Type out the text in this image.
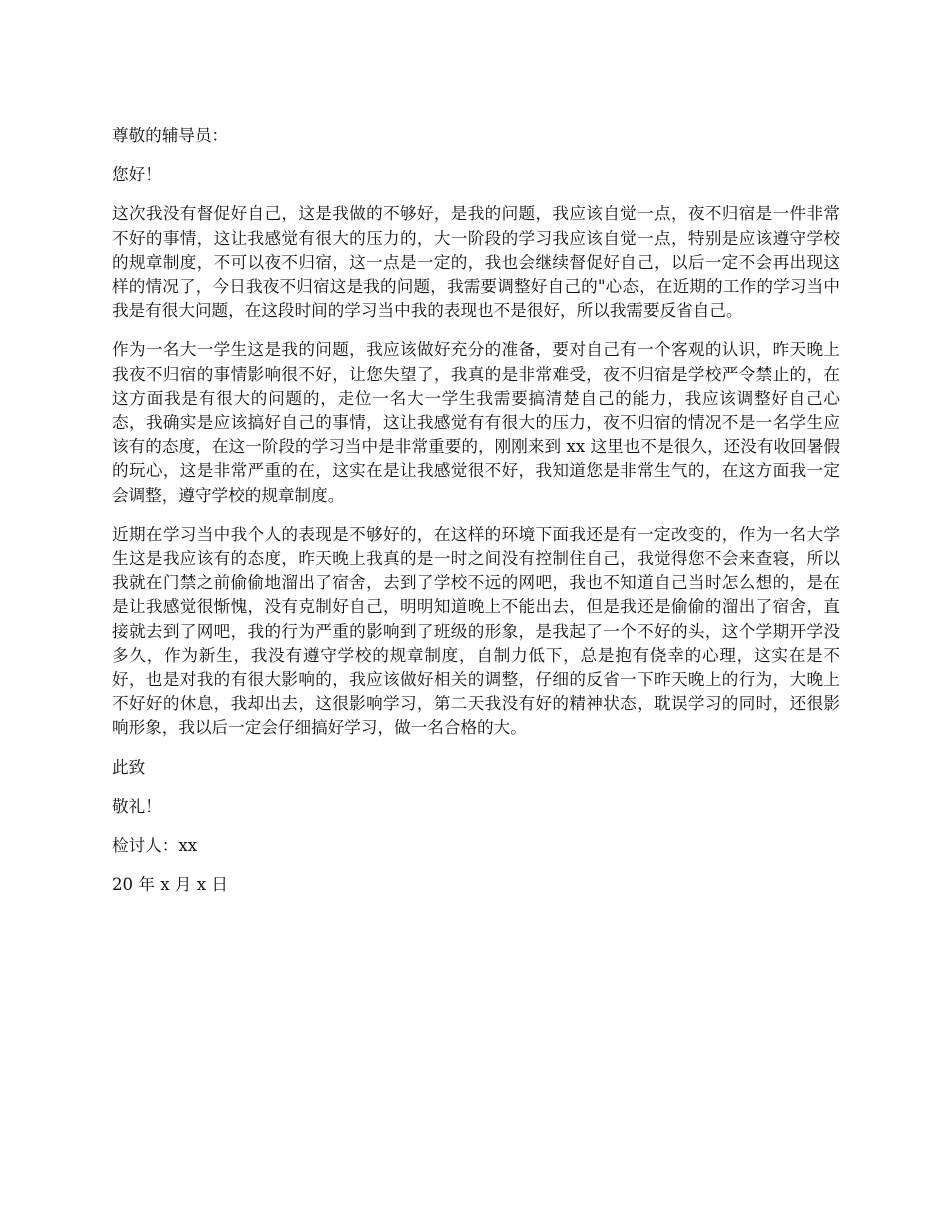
尊敬的辅导员：

您好！

这次我没有督促好自己，这是我做的不够好，是我的问题，我应该自觉一点，夜不归宿是一件非常不好的事情，这让我感觉有很大的压力的，大一阶段的学习我应该自觉一点，特别是应该遵守学校的规章制度，不可以夜不归宿，这一点是一定的，我也会继续督促好自己，以后一定不会再出现这样的情况了，今日我夜不归宿这是我的问题，我需要调整好自己的"心态，在近期的工作的学习当中我是有很大问题，在这段时间的学习当中我的表现也不是很好，所以我需要反省自己。

作为一名大一学生这是我的问题，我应该做好充分的准备，要对自己有一个客观的认识，昨天晚上我夜不归宿的事情影响很不好，让您失望了，我真的是非常难受，夜不归宿是学校严令禁止的，在这方面我是有很大的问题的，走位一名大一学生我需要搞清楚自己的能力，我应该调整好自己心态，我确实是应该搞好自己的事情，这让我感觉有有很大的压力，夜不归宿的情况不是一名学生应该有的态度，在这一阶段的学习当中是非常重要的，刚刚来到 xx 这里也不是很久，还没有收回暑假的玩心，这是非常严重的在，这实在是让我感觉很不好，我知道您是非常生气的，在这方面我一定会调整，遵守学校的规章制度。

近期在学习当中我个人的表现是不够好的，在这样的环境下面我还是有一定改变的，作为一名大学生这是我应该有的态度，昨天晚上我真的是一时之间没有控制住自己，我觉得您不会来查寝，所以我就在门禁之前偷偷地溜出了宿舍，去到了学校不远的网吧，我也不知道自己当时怎么想的，是在是让我感觉很惭愧，没有克制好自己，明明知道晚上不能出去，但是我还是偷偷的溜出了宿舍，直接就去到了网吧，我的行为严重的影响到了班级的形象，是我起了一个不好的头，这个学期开学没多久，作为新生，我没有遵守学校的规章制度，自制力低下，总是抱有侥幸的心理，这实在是不好，也是对我的有很大影响的，我应该做好相关的调整，仔细的反省一下昨天晚上的行为，大晚上不好好的休息，我却出去，这很影响学习，第二天我没有好的精神状态，耽误学习的同时，还很影响形象，我以后一定会仔细搞好学习，做一名合格的大。

此致

敬礼！

检讨人：xx

20 年 x 月 x 日
